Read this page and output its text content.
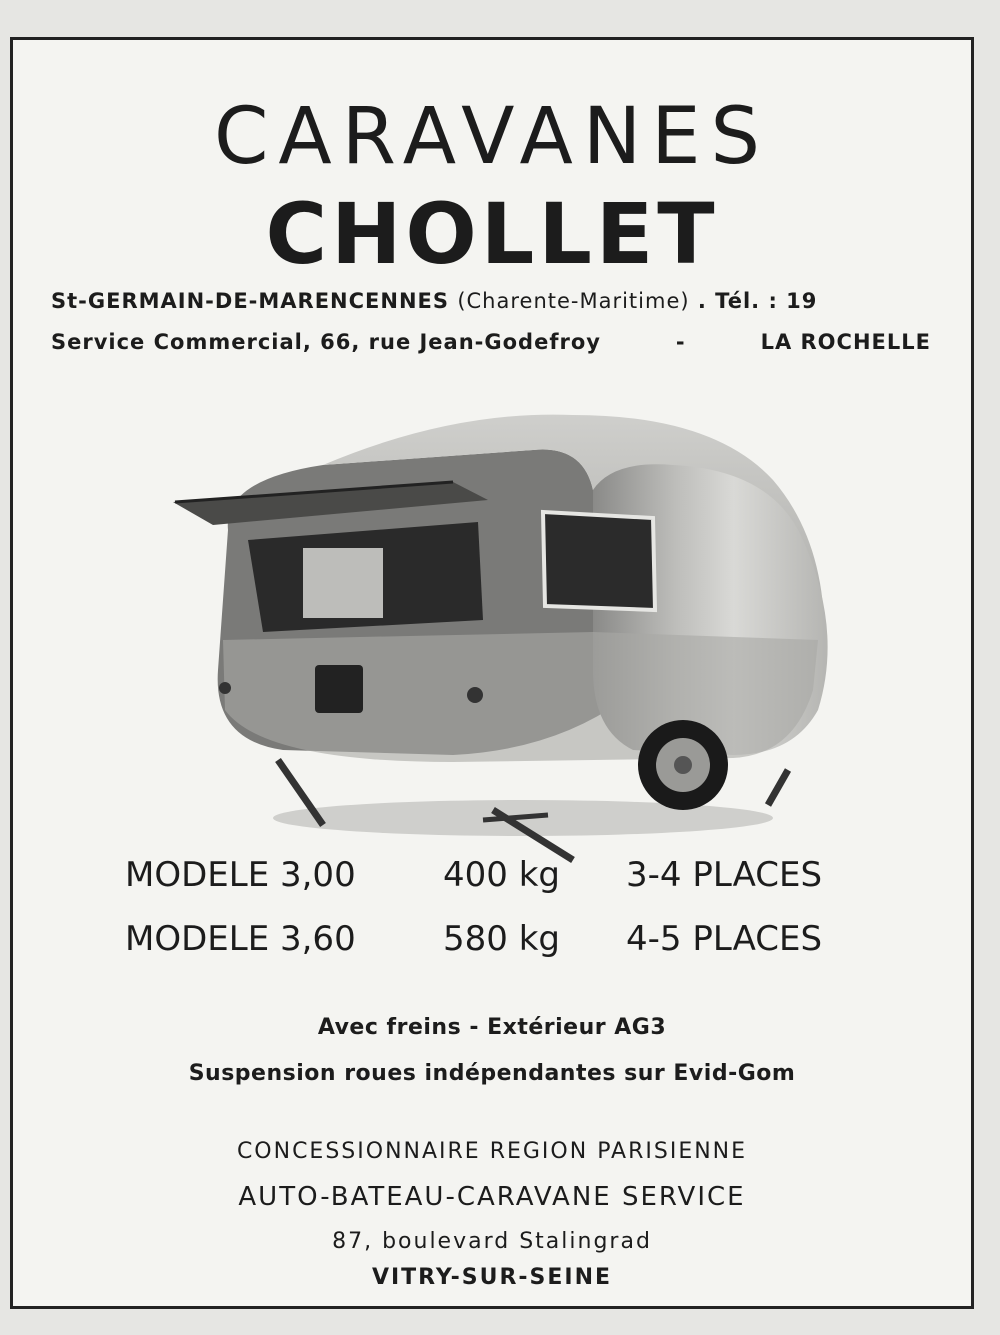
CARAVANES
CHOLLET
St-GERMAIN-DE-MARENCENNES (Charente-Maritime) . Tél. : 19
Service Commercial, 66, rue Jean-Godefroy	-	LA ROCHELLE
MODELE 3,00	400 kg	3-4 PLACES
MODELE 3,60	580 kg	4-5 PLACES
Avec freins - Extérieur AG3
Suspension roues indépendantes sur Evid-Gom
CONCESSIONNAIRE REGION PARISIENNE
AUTO-BATEAU-CARAVANE SERVICE
87, boulevard Stalingrad
VITRY-SUR-SEINE
